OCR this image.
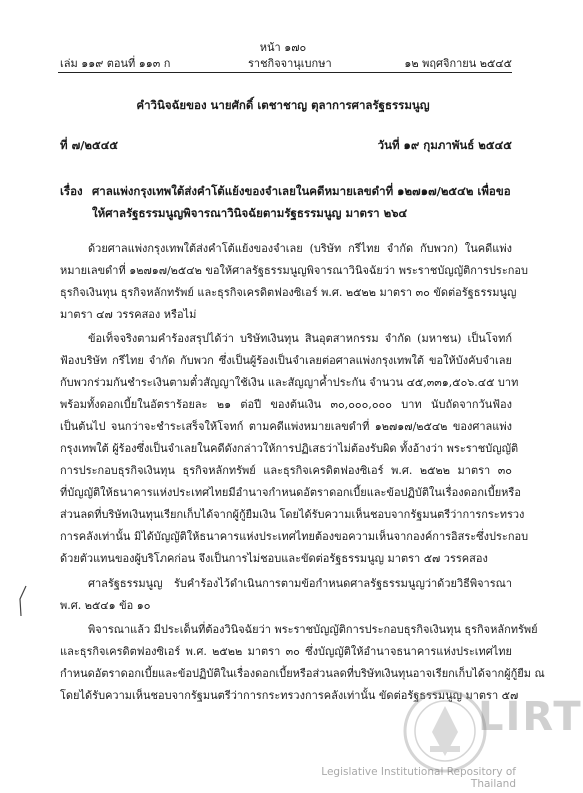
หน้า ๑๗๐
เล่ม ๑๑๙ ตอนที่ ๑๑๓ ก	ราชกิจจานุเบกษา	๑๒ พฤศจิกายน ๒๕๔๕
คำวินิจฉัยของ นายศักดิ์ เตชาชาญ ตุลาการศาลรัฐธรรมนูญ
ที่ ๗/๒๕๔๕	วันที่ ๑๙ กุมภาพันธ์ ๒๕๔๕
เรื่อง ศาลแพ่งกรุงเทพใต้ส่งคำโต้แย้งของจำเลยในคดีหมายเลขดำที่ ๑๒๗๑๗/๒๕๔๒ เพื่อขอให้ศาลรัฐธรรมนูญพิจารณาวินิจฉัยตามรัฐธรรมนูญ มาตรา ๒๖๔
ด้วยศาลแพ่งกรุงเทพใต้ส่งคำโต้แย้งของจำเลย (บริษัท กรีไทย จำกัด กับพวก) ในคดีแพ่ง
หมายเลขดำที่ ๑๒๗๑๗/๒๕๔๒ ขอให้ศาลรัฐธรรมนูญพิจารณาวินิจฉัยว่า พระราชบัญญัติการประกอบ
ธุรกิจเงินทุน ธุรกิจหลักทรัพย์ และธุรกิจเครดิตฟองซิเอร์ พ.ศ. ๒๕๒๒ มาตรา ๓๐ ขัดต่อรัฐธรรมนูญ
มาตรา ๔๗ วรรคสอง หรือไม่
ข้อเท็จจริงตามคำร้องสรุปได้ว่า บริษัทเงินทุน สินอุตสาหกรรม จำกัด (มหาชน) เป็นโจทก์
ฟ้องบริษัท กรีไทย จำกัด กับพวก ซึ่งเป็นผู้ร้องเป็นจำเลยต่อศาลแพ่งกรุงเทพใต้ ขอให้บังคับจำเลย
กับพวกร่วมกันชำระเงินตามตั๋วสัญญาใช้เงิน และสัญญาค้ำประกัน จำนวน ๔๕,๓๓๑,๕๐๖.๔๕ บาท
พร้อมทั้งดอกเบี้ยในอัตราร้อยละ ๒๑ ต่อปี ของต้นเงิน ๓๐,๐๐๐,๐๐๐ บาท นับถัดจากวันฟ้อง
เป็นต้นไป จนกว่าจะชำระเสร็จให้โจทก์ ตามคดีแพ่งหมายเลขดำที่ ๑๒๗๑๗/๒๕๔๒ ของศาลแพ่ง
กรุงเทพใต้ ผู้ร้องซึ่งเป็นจำเลยในคดีดังกล่าวให้การปฏิเสธว่าไม่ต้องรับผิด ทั้งอ้างว่า พระราชบัญญัติ
การประกอบธุรกิจเงินทุน ธุรกิจหลักทรัพย์ และธุรกิจเครดิตฟองซิเอร์ พ.ศ. ๒๕๒๒ มาตรา ๓๐
ที่บัญญัติให้ธนาคารแห่งประเทศไทยมีอำนาจกำหนดอัตราดอกเบี้ยและข้อปฏิบัติในเรื่องดอกเบี้ยหรือ
ส่วนลดที่บริษัทเงินทุนเรียกเก็บได้จากผู้กู้ยืมเงิน โดยได้รับความเห็นชอบจากรัฐมนตรีว่าการกระทรวง
การคลังเท่านั้น มิได้บัญญัติให้ธนาคารแห่งประเทศไทยต้องขอความเห็นจากองค์การอิสระซึ่งประกอบ
ด้วยตัวแทนของผู้บริโภคก่อน จึงเป็นการไม่ชอบและขัดต่อรัฐธรรมนูญ มาตรา ๕๗ วรรคสอง
ศาลรัฐธรรมนูญ รับคำร้องไว้ดำเนินการตามข้อกำหนดศาลรัฐธรรมนูญว่าด้วยวิธีพิจารณา
พ.ศ. ๒๕๔๑ ข้อ ๑๐
พิจารณาแล้ว มีประเด็นที่ต้องวินิจฉัยว่า พระราชบัญญัติการประกอบธุรกิจเงินทุน ธุรกิจหลักทรัพย์
และธุรกิจเครดิตฟองซิเอร์ พ.ศ. ๒๕๒๒ มาตรา ๓๐ ซึ่งบัญญัติให้อำนาจธนาคารแห่งประเทศไทย
กำหนดอัตราดอกเบี้ยและข้อปฏิบัติในเรื่องดอกเบี้ยหรือส่วนลดที่บริษัทเงินทุนอาจเรียกเก็บได้จากผู้กู้ยืม ณ
โดยได้รับความเห็นชอบจากรัฐมนตรีว่าการกระทรวงการคลังเท่านั้น ขัดต่อรัฐธรรมนูญ มาตรา ๕๗
LIRT
Legislative Institutional Repository of Thailand
